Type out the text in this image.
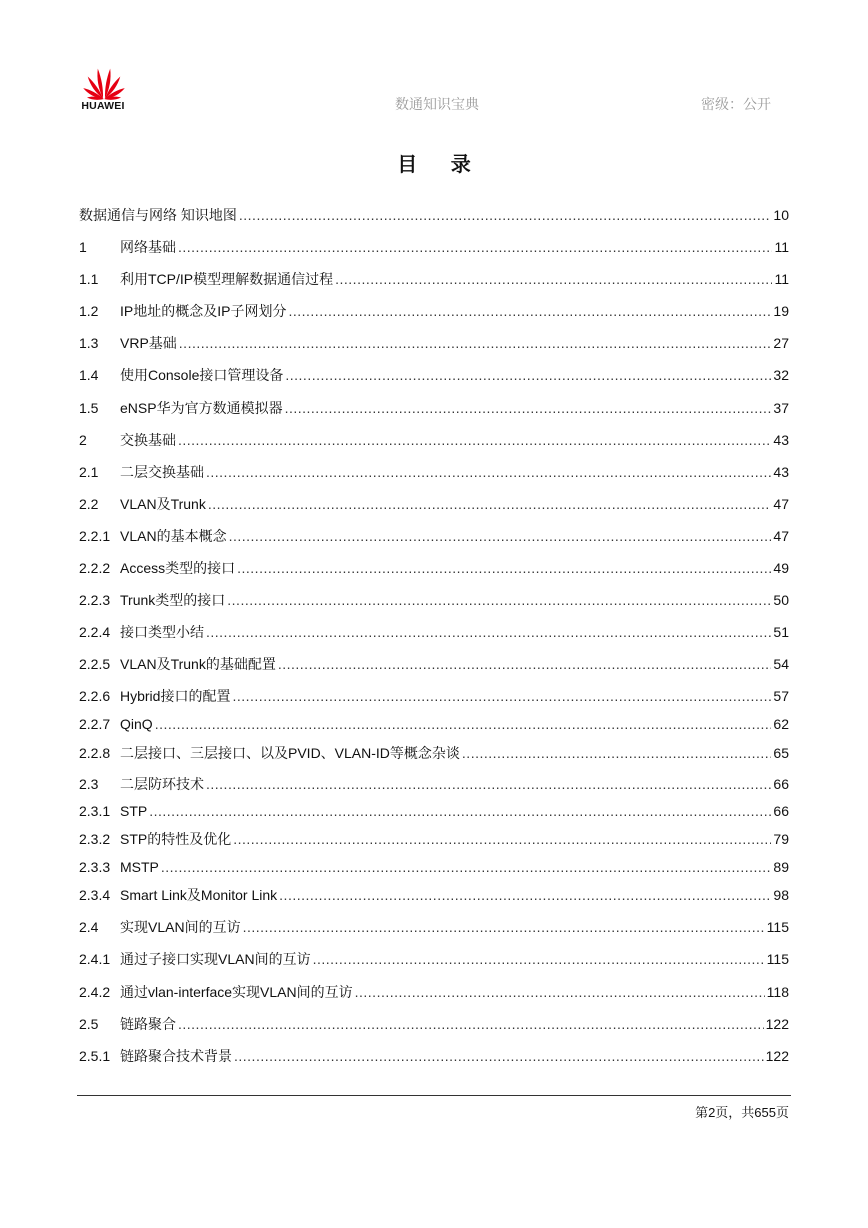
HUAWEI	数通知识宝典	密级：公开
目 录
数据通信与网络 知识地图 .....	10
1	网络基础 .....	11
1.1	利用TCP/IP模型理解数据通信过程 .....	11
1.2	IP地址的概念及IP子网划分 .....	19
1.3	VRP基础 .....	27
1.4	使用Console接口管理设备 .....	32
1.5	eNSP华为官方数通模拟器 .....	37
2	交换基础 .....	43
2.1	二层交换基础 .....	43
2.2	VLAN及Trunk .....	47
2.2.1 VLAN的基本概念 .....	47
2.2.2 Access类型的接口 .....	49
2.2.3 Trunk类型的接口 .....	50
2.2.4 接口类型小结 .....	51
2.2.5 VLAN及Trunk的基础配置 .....	54
2.2.6 Hybrid接口的配置 .....	57
2.2.7 QinQ .....	62
2.2.8 二层接口、三层接口、以及PVID、VLAN-ID等概念杂谈 .....	65
2.3	二层防环技术 .....	66
2.3.1 STP .....	66
2.3.2 STP的特性及优化 .....	79
2.3.3 MSTP .....	89
2.3.4 Smart Link及Monitor Link .....	98
2.4	实现VLAN间的互访 .....	115
2.4.1 通过子接口实现VLAN间的互访 .....	115
2.4.2 通过vlan-interface实现VLAN间的互访 .....	118
2.5	链路聚合 .....	122
2.5.1 链路聚合技术背景 .....	122
第2页，共655页
